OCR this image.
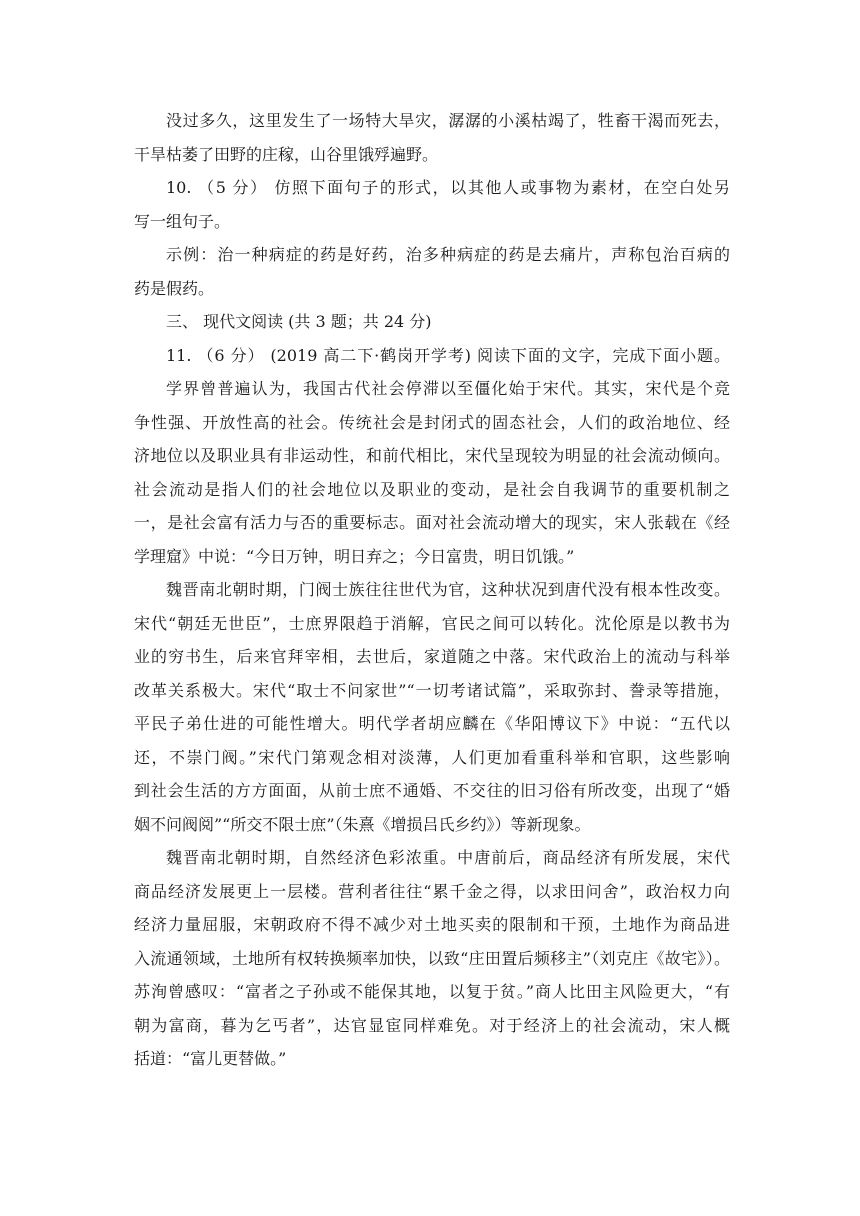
没过多久，这里发生了一场特大旱灾，潺潺的小溪枯竭了，牲畜干渴而死去，
干旱枯萎了田野的庄稼，山谷里饿殍遍野。
10. （5 分） 仿照下面句子的形式，以其他人或事物为素材，在空白处另
写一组句子。
示例：治一种病症的药是好药，治多种病症的药是去痛片，声称包治百病的
药是假药。
三、 现代文阅读 (共 3 题；共 24 分)
11. （6 分） (2019 高二下·鹤岗开学考) 阅读下面的文字，完成下面小题。
学界曾普遍认为，我国古代社会停滞以至僵化始于宋代。其实，宋代是个竞
争性强、开放性高的社会。传统社会是封闭式的固态社会，人们的政治地位、经
济地位以及职业具有非运动性，和前代相比，宋代呈现较为明显的社会流动倾向。
社会流动是指人们的社会地位以及职业的变动，是社会自我调节的重要机制之
一，是社会富有活力与否的重要标志。面对社会流动增大的现实，宋人张载在《经
学理窟》中说：“今日万钟，明日弃之；今日富贵，明日饥饿。”
魏晋南北朝时期，门阀士族往往世代为官，这种状况到唐代没有根本性改变。
宋代“朝廷无世臣”，士庶界限趋于消解，官民之间可以转化。沈伦原是以教书为
业的穷书生，后来官拜宰相，去世后，家道随之中落。宋代政治上的流动与科举
改革关系极大。宋代“取士不问家世”“一切考诸试篇”，采取弥封、誊录等措施，
平民子弟仕进的可能性增大。明代学者胡应麟在《华阳博议下》中说：“五代以
还，不崇门阀。”宋代门第观念相对淡薄，人们更加看重科举和官职，这些影响
到社会生活的方方面面，从前士庶不通婚、不交往的旧习俗有所改变，出现了“婚
姻不问阀阅”“所交不限士庶”（朱熹《增损吕氏乡约》）等新现象。
魏晋南北朝时期，自然经济色彩浓重。中唐前后，商品经济有所发展，宋代
商品经济发展更上一层楼。营利者往往“累千金之得，以求田问舍”，政治权力向
经济力量屈服，宋朝政府不得不减少对土地买卖的限制和干预，土地作为商品进
入流通领域，土地所有权转换频率加快，以致“庄田置后频移主”（刘克庄《故宅》）。
苏洵曾感叹：“富者之子孙或不能保其地，以复于贫。”商人比田主风险更大，“有
朝为富商，暮为乞丐者”，达官显宦同样难免。对于经济上的社会流动，宋人概
括道：“富儿更替做。”
